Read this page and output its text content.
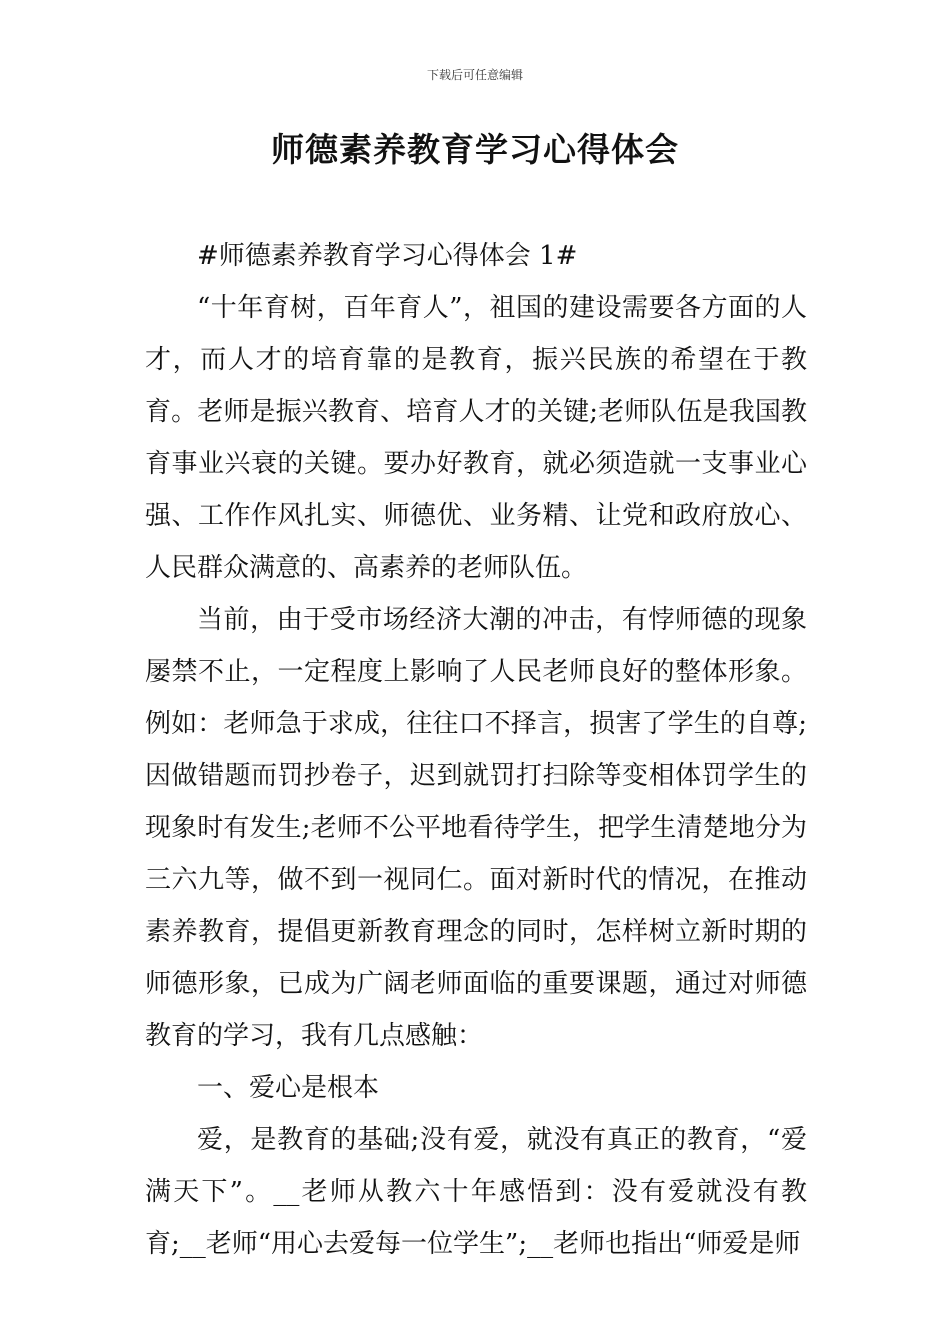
下载后可任意编辑
师德素养教育学习心得体会

#师德素养教育学习心得体会 1#

“十年育树，百年育人”，祖国的建设需要各方面的人才，而人才的培育靠的是教育，振兴民族的希望在于教育。老师是振兴教育、培育人才的关键;老师队伍是我国教育事业兴衰的关键。要办好教育，就必须造就一支事业心强、工作作风扎实、师德优、业务精、让党和政府放心、人民群众满意的、高素养的老师队伍。

当前，由于受市场经济大潮的冲击，有悖师德的现象屡禁不止，一定程度上影响了人民老师良好的整体形象。例如：老师急于求成，往往口不择言，损害了学生的自尊;因做错题而罚抄卷子，迟到就罚打扫除等变相体罚学生的现象时有发生;老师不公平地看待学生，把学生清楚地分为三六九等，做不到一视同仁。面对新时代的情况，在推动素养教育，提倡更新教育理念的同时，怎样树立新时期的师德形象，已成为广阔老师面临的重要课题，通过对师德教育的学习，我有几点感触：

一、爱心是根本

爱，是教育的基础;没有爱，就没有真正的教育，“爱满天下”。__老师从教六十年感悟到：没有爱就没有教育;__老师“用心去爱每一位学生”;__老师也指出“师爱是师
